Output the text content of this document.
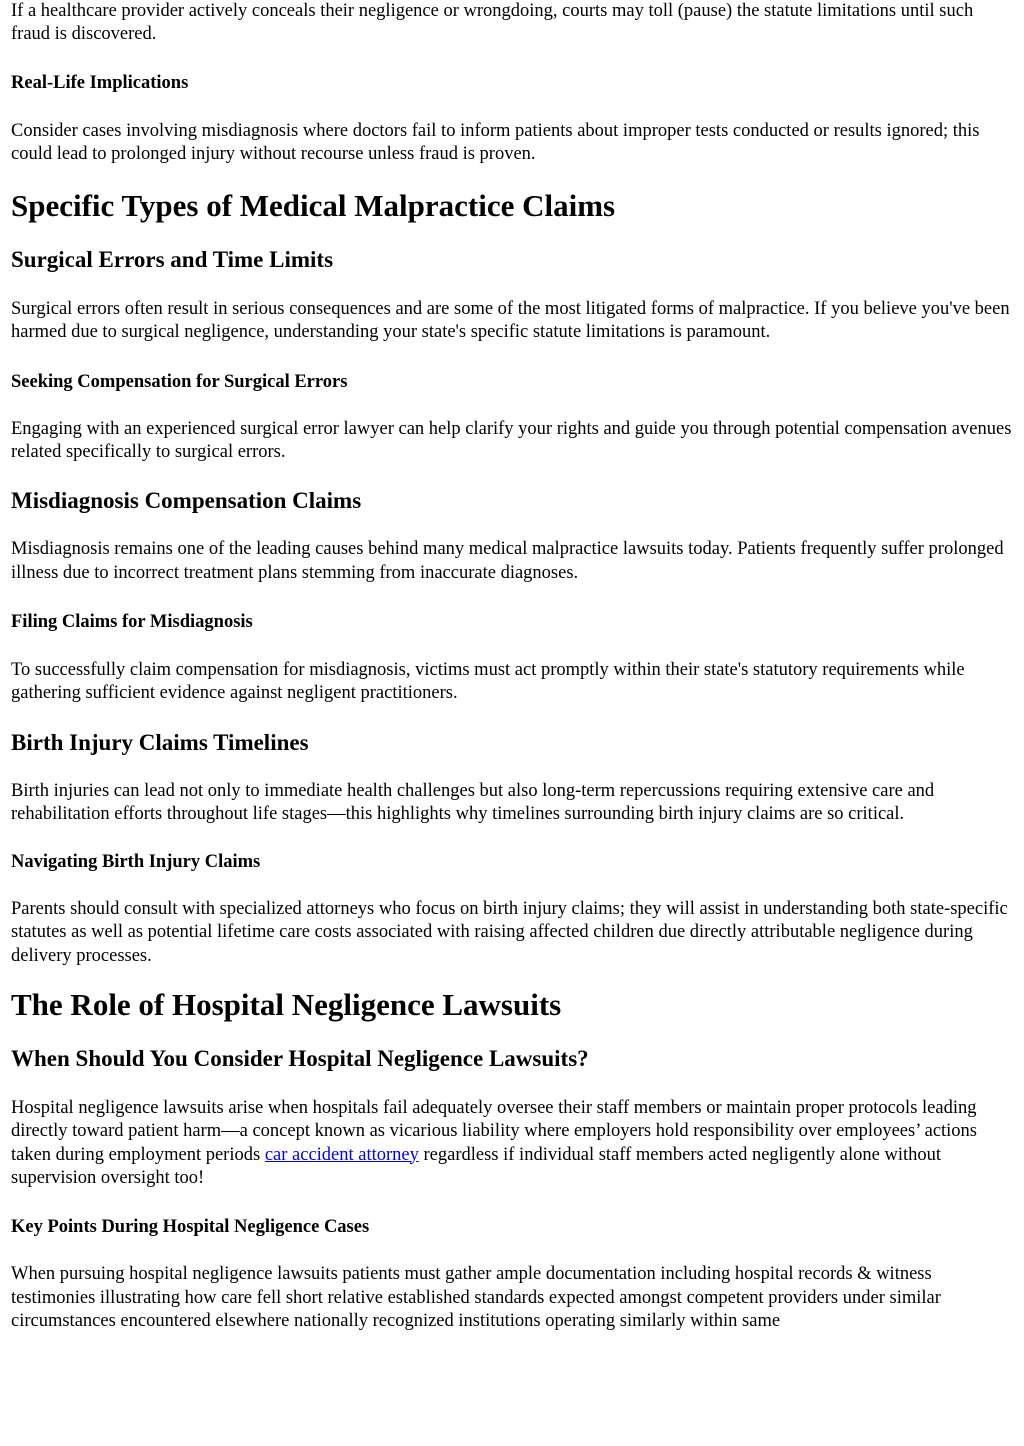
If a healthcare provider actively conceals their negligence or wrongdoing, courts may toll (pause) the statute limitations until such fraud is discovered.

Real-Life Implications

Consider cases involving misdiagnosis where doctors fail to inform patients about improper tests conducted or results ignored; this could lead to prolonged injury without recourse unless fraud is proven.

Specific Types of Medical Malpractice Claims
Surgical Errors and Time Limits

Surgical errors often result in serious consequences and are some of the most litigated forms of malpractice. If you believe you've been harmed due to surgical negligence, understanding your state's specific statute limitations is paramount.

Seeking Compensation for Surgical Errors

Engaging with an experienced surgical error lawyer can help clarify your rights and guide you through potential compensation avenues related specifically to surgical errors.

Misdiagnosis Compensation Claims

Misdiagnosis remains one of the leading causes behind many medical malpractice lawsuits today. Patients frequently suffer prolonged illness due to incorrect treatment plans stemming from inaccurate diagnoses.

Filing Claims for Misdiagnosis

To successfully claim compensation for misdiagnosis, victims must act promptly within their state's statutory requirements while gathering sufficient evidence against negligent practitioners.

Birth Injury Claims Timelines

Birth injuries can lead not only to immediate health challenges but also long-term repercussions requiring extensive care and rehabilitation efforts throughout life stages—this highlights why timelines surrounding birth injury claims are so critical.

Navigating Birth Injury Claims

Parents should consult with specialized attorneys who focus on birth injury claims; they will assist in understanding both state-specific statutes as well as potential lifetime care costs associated with raising affected children due directly attributable negligence during delivery processes.

The Role of Hospital Negligence Lawsuits
When Should You Consider Hospital Negligence Lawsuits?

Hospital negligence lawsuits arise when hospitals fail adequately oversee their staff members or maintain proper protocols leading directly toward patient harm—a concept known as vicarious liability where employers hold responsibility over employees’ actions taken during employment periods car accident attorney regardless if individual staff members acted negligently alone without supervision oversight too!

Key Points During Hospital Negligence Cases

When pursuing hospital negligence lawsuits patients must gather ample documentation including hospital records & witness testimonies illustrating how care fell short relative established standards expected amongst competent providers under similar circumstances encountered elsewhere nationally recognized institutions operating similarly within same
